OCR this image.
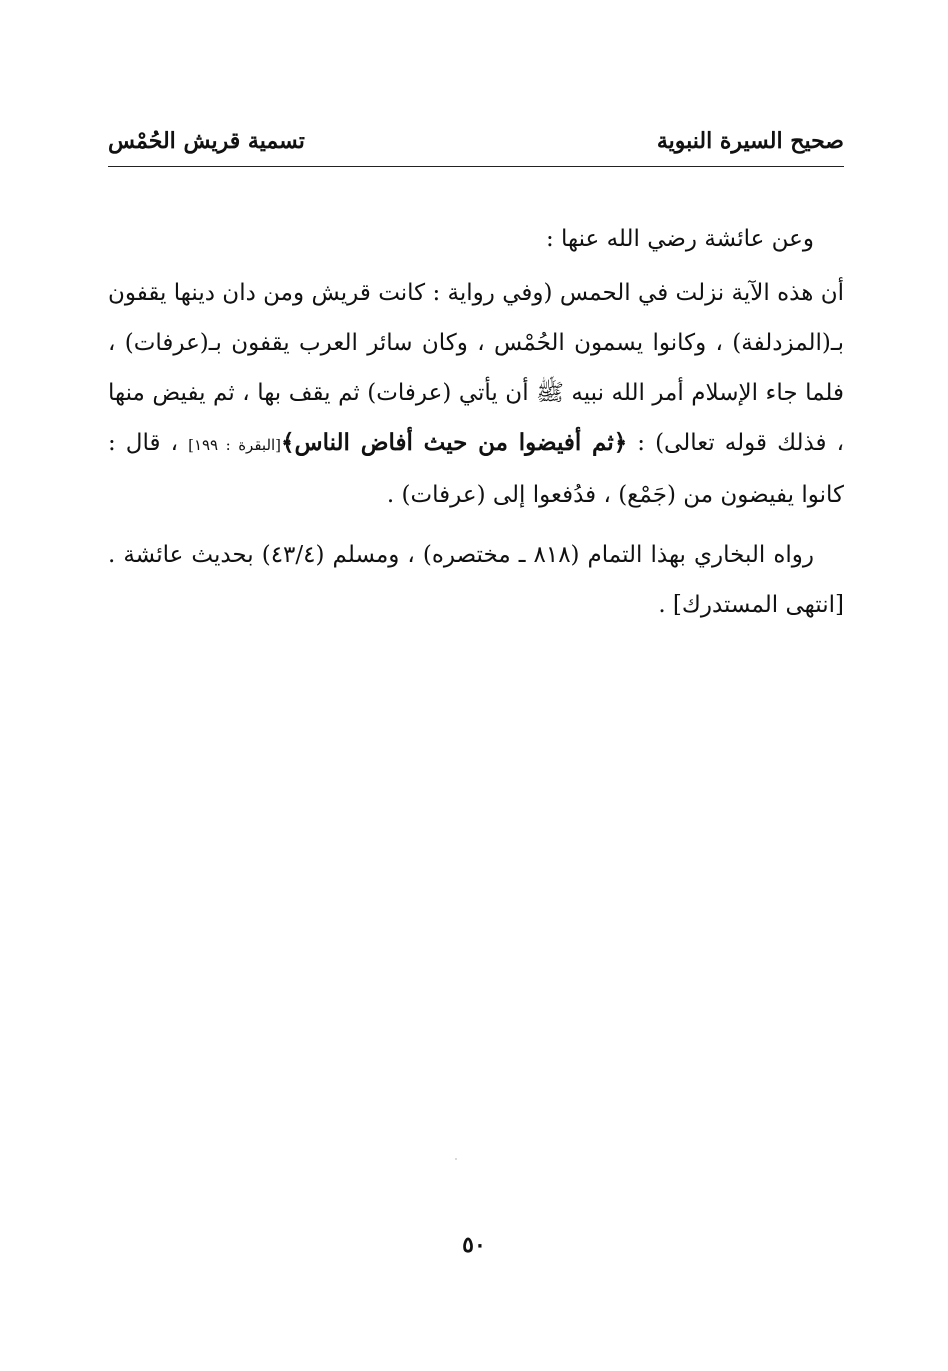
صحيح السيرة النبوية
تسمية قريش الحُمْس

وعن عائشة رضي الله عنها :

أن هذه الآية نزلت في الحمس (وفي رواية : كانت قريش ومن دان دينها يقفون بـ(المزدلفة) ، وكانوا يسمون الحُمْس ، وكان سائر العرب يقفون بـ(عرفات) ، فلما جاء الإسلام أمر الله نبيه ﷺ أن يأتي (عرفات) ثم يقف بها ، ثم يفيض منها ، فذلك قوله تعالى) : ﴿ثم أفيضوا من حيث أفاض الناس﴾[البقرة : ١٩٩] ، قال : كانوا يفيضون من (جَمْع) ، فدُفعوا إلى (عرفات) .

رواه البخاري بهذا التمام (٨١٨ ـ مختصره) ، ومسلم (٤٣/٤) بحديث عائشة . [انتهى المستدرك] .

٥٠
